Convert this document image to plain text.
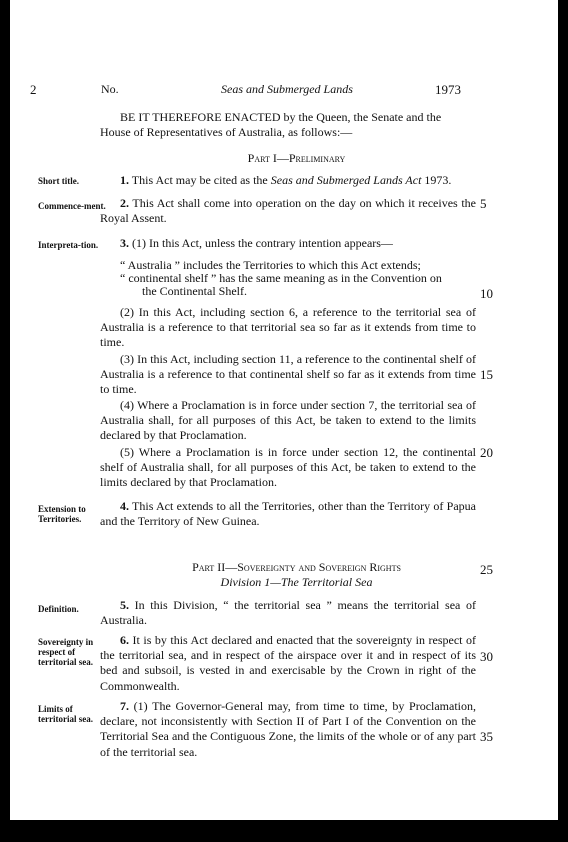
2	No.	Seas and Submerged Lands	1973

BE IT THEREFORE ENACTED by the Queen, the Senate and the

House of Representatives of Australia, as follows:—

Part I—Preliminary

Short title.	1. This Act may be cited as the Seas and Submerged Lands Act 1973.

Commence-ment.	2. This Act shall come into operation on the day on which it receives the Royal Assent.

Interpreta-tion.	3. (1) In this Act, unless the contrary intention appears—

“ Australia ” includes the Territories to which this Act extends;

“ continental shelf ” has the same meaning as in the Convention on

the Continental Shelf.

(2) In this Act, including section 6, a reference to the territorial sea of Australia is a reference to that territorial sea so far as it extends from time to time.

(3) In this Act, including section 11, a reference to the continental shelf of Australia is a reference to that continental shelf so far as it extends from time to time.

(4) Where a Proclamation is in force under section 7, the territorial sea of Australia shall, for all purposes of this Act, be taken to extend to the limits declared by that Proclamation.

(5) Where a Proclamation is in force under section 12, the continental shelf of Australia shall, for all purposes of this Act, be taken to extend to the limits declared by that Proclamation.

Extension to Territories.

4. This Act extends to all the Territories, other than the Territory of Papua and the Territory of New Guinea.

Part II—Sovereignty and Sovereign Rights

Division 1—The Territorial Sea

Definition.	5. In this Division, “ the territorial sea ” means the territorial sea of Australia.

Sovereignty in respect of territorial sea.

6. It is by this Act declared and enacted that the sovereignty in respect of the territorial sea, and in respect of the airspace over it and in respect of its bed and subsoil, is vested in and exercisable by the Crown in right of the Commonwealth.

Limits of territorial sea.

7. (1) The Governor-General may, from time to time, by Proclamation, declare, not inconsistently with Section II of Part I of the Convention on the Territorial Sea and the Contiguous Zone, the limits of the whole or of any part of the territorial sea.

5

10

15

20

25

30

35
